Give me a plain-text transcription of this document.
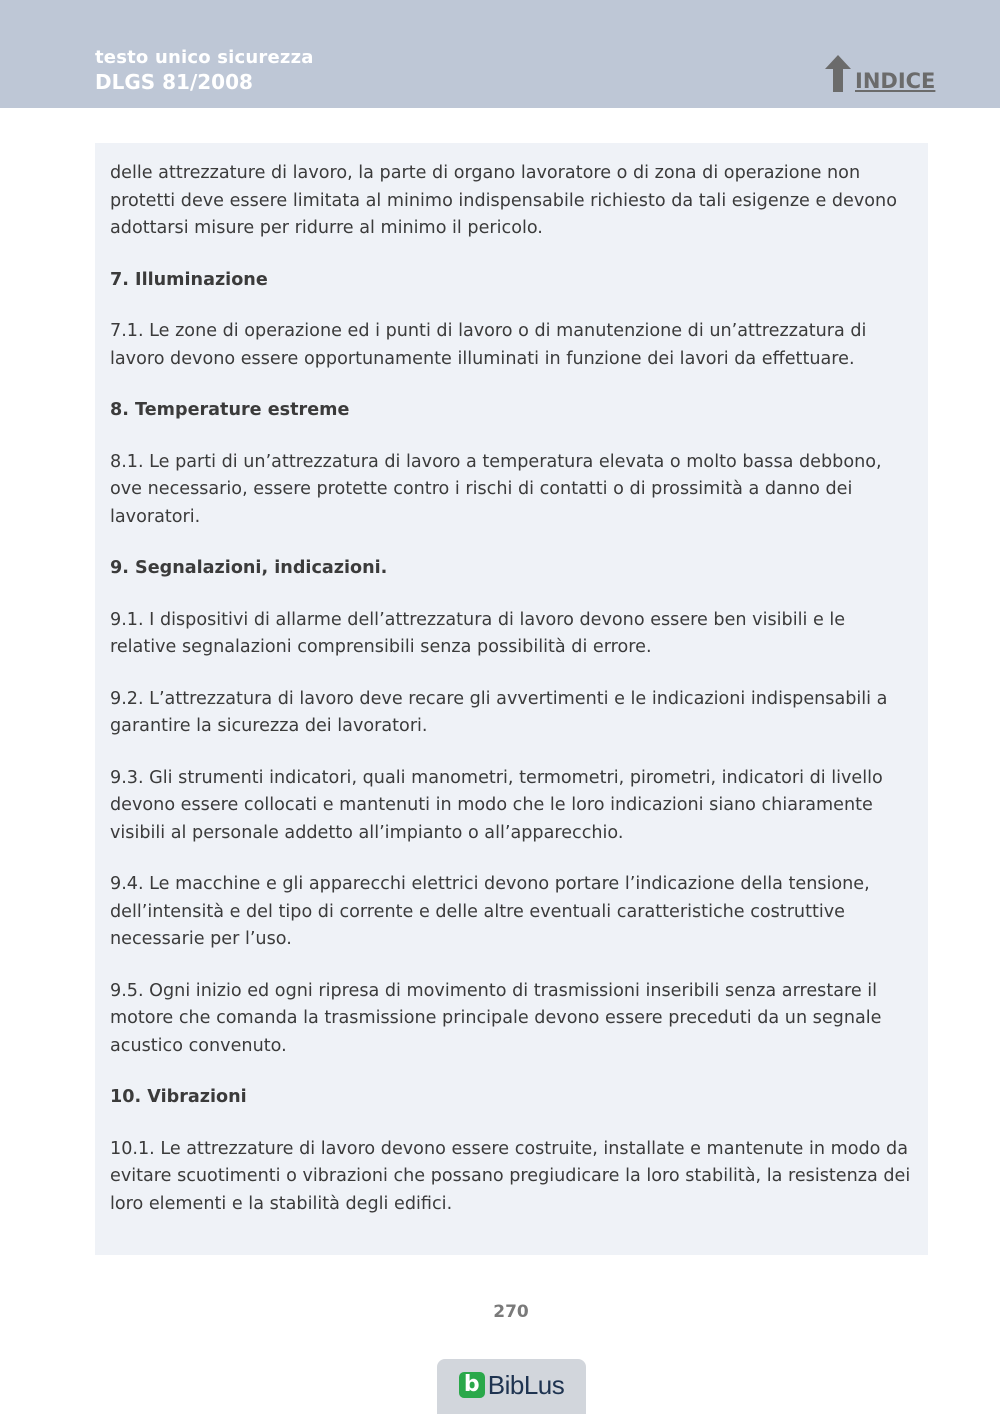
testo unico sicurezza
DLGS 81/2008	INDICE

delle attrezzature di lavoro, la parte di organo lavoratore o di zona di operazione non protetti deve essere limitata al minimo indispensabile richiesto da tali esigenze e devono adottarsi misure per ridurre al minimo il pericolo.

7. Illuminazione

7.1. Le zone di operazione ed i punti di lavoro o di manutenzione di un’attrezzatura di lavoro devono essere opportunamente illuminati in funzione dei lavori da effettuare.

8. Temperature estreme

8.1. Le parti di un’attrezzatura di lavoro a temperatura elevata o molto bassa debbono, ove necessario, essere protette contro i rischi di contatti o di prossimità a danno dei lavoratori.

9. Segnalazioni, indicazioni.

9.1. I dispositivi di allarme dell’attrezzatura di lavoro devono essere ben visibili e le relative segnalazioni comprensibili senza possibilità di errore.

9.2. L’attrezzatura di lavoro deve recare gli avvertimenti e le indicazioni indispensabili a garantire la sicurezza dei lavoratori.

9.3. Gli strumenti indicatori, quali manometri, termometri, pirometri, indicatori di livello devono essere collocati e mantenuti in modo che le loro indicazioni siano chiaramente visibili al personale addetto all’impianto o all’apparecchio.

9.4. Le macchine e gli apparecchi elettrici devono portare l’indicazione della tensione, dell’intensità e del tipo di corrente e delle altre eventuali caratteristiche costruttive necessarie per l’uso.

9.5. Ogni inizio ed ogni ripresa di movimento di trasmissioni inseribili senza arrestare il motore che comanda la trasmissione principale devono essere preceduti da un segnale acustico convenuto.

10. Vibrazioni

10.1. Le attrezzature di lavoro devono essere costruite, installate e mantenute in modo da evitare scuotimenti o vibrazioni che possano pregiudicare la loro stabilità, la resistenza dei loro elementi e la stabilità degli edifici.

270
b BibLus
